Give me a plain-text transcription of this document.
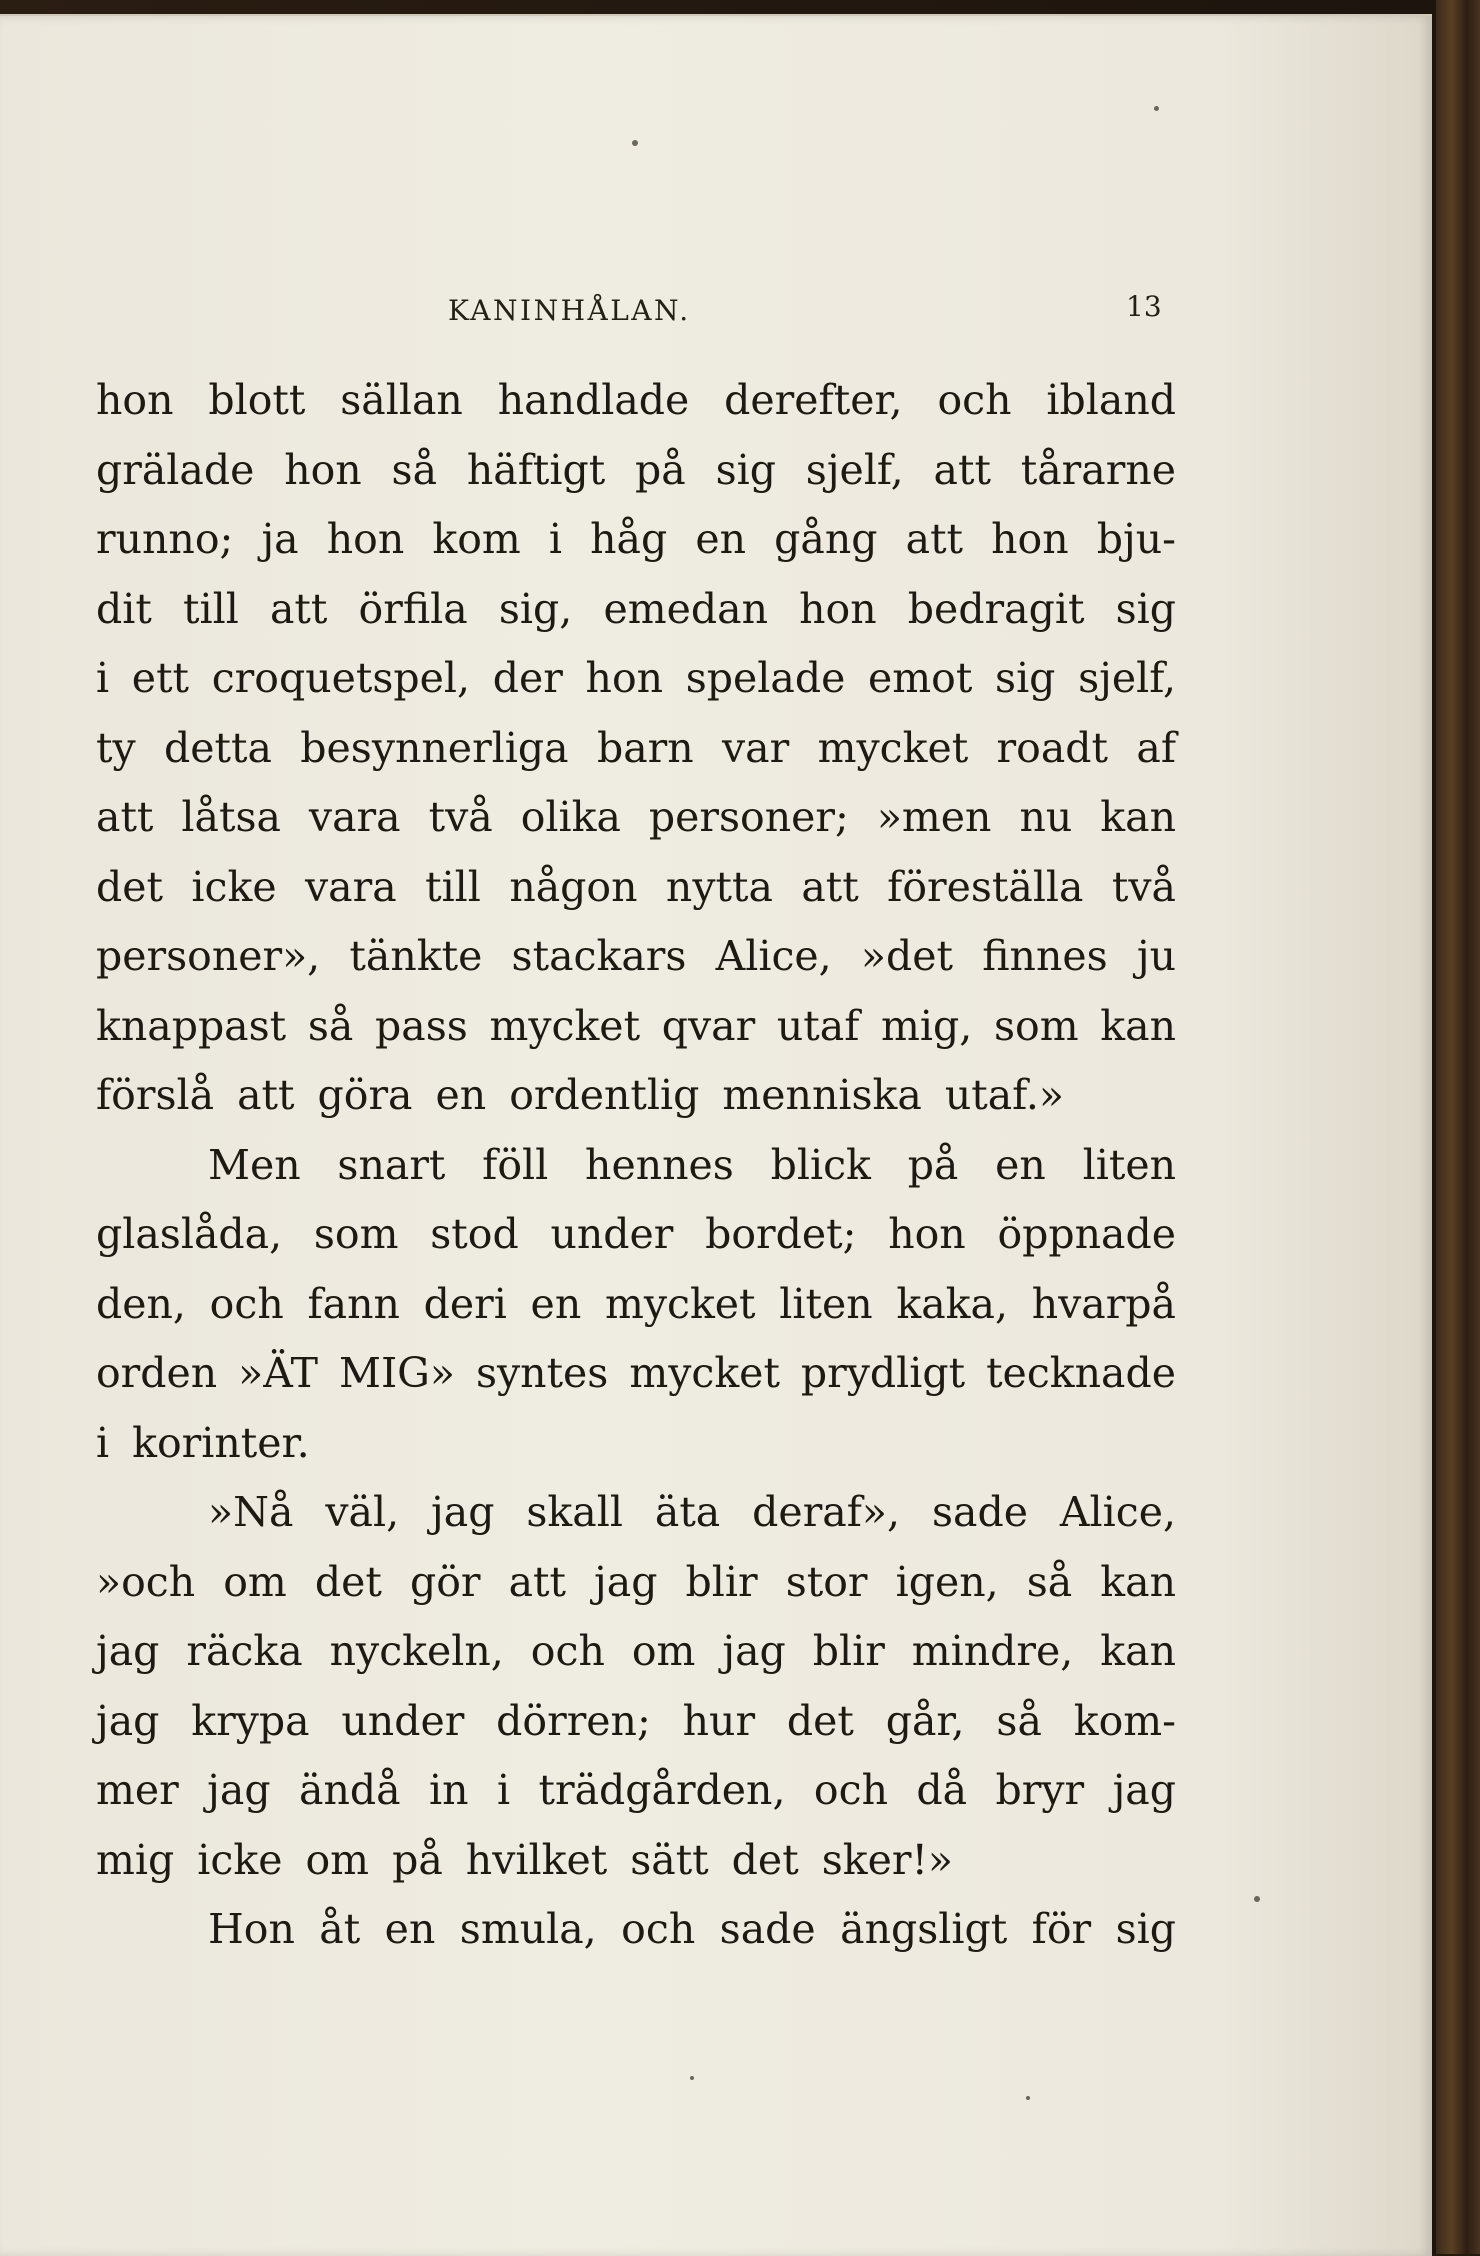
KANINHÅLAN.	13
hon blott sällan handlade derefter, och ibland
grälade hon så häftigt på sig sjelf, att tårarne
runno; ja hon kom i håg en gång att hon bju-
dit till att örfila sig, emedan hon bedragit sig
i ett croquetspel, der hon spelade emot sig sjelf,
ty detta besynnerliga barn var mycket roadt af
att låtsa vara två olika personer; »men nu kan
det icke vara till någon nytta att föreställa två
personer», tänkte stackars Alice, »det finnes ju
knappast så pass mycket qvar utaf mig, som kan
förslå att göra en ordentlig menniska utaf.»
Men snart föll hennes blick på en liten
glaslåda, som stod under bordet; hon öppnade
den, och fann deri en mycket liten kaka, hvarpå
orden »ÄT MIG» syntes mycket prydligt tecknade
i korinter.
»Nå väl, jag skall äta deraf», sade Alice,
»och om det gör att jag blir stor igen, så kan
jag räcka nyckeln, och om jag blir mindre, kan
jag krypa under dörren; hur det går, så kom-
mer jag ändå in i trädgården, och då bryr jag
mig icke om på hvilket sätt det sker!»
Hon åt en smula, och sade ängsligt för sig
